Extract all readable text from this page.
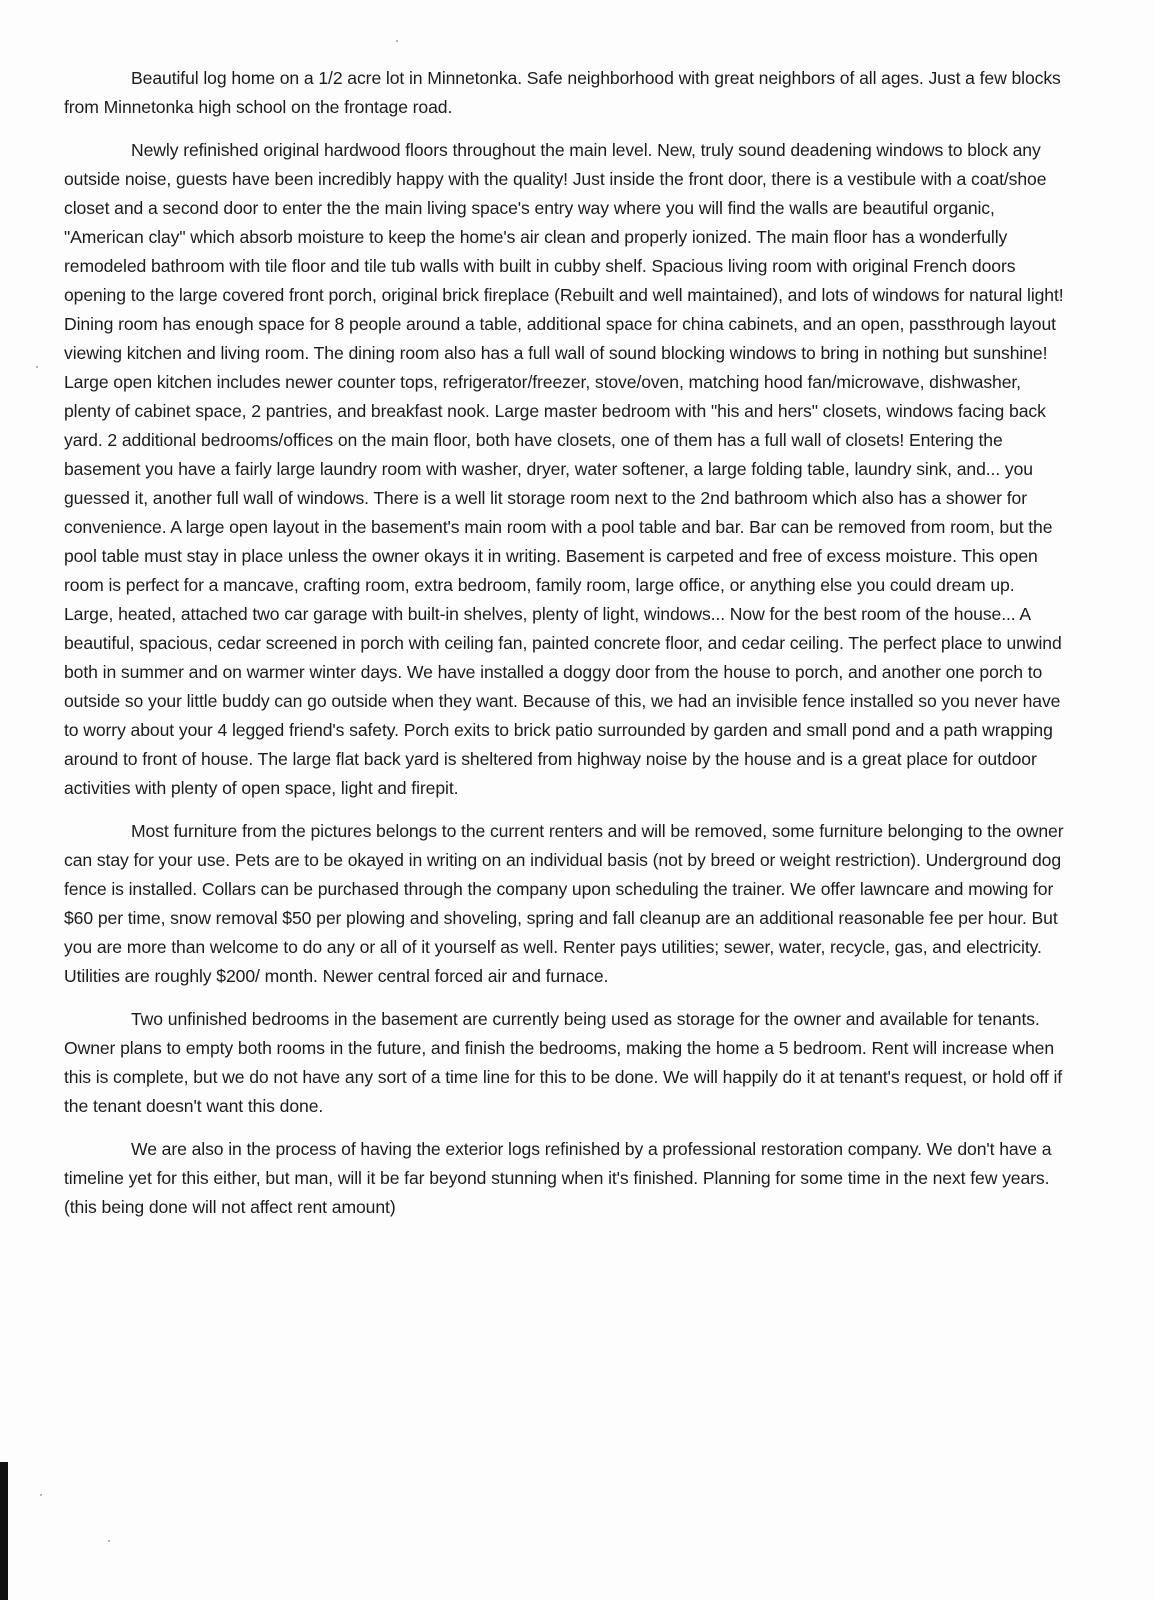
Beautiful log home on a 1/2 acre lot in Minnetonka. Safe neighborhood with great neighbors of all ages. Just a few blocks from Minnetonka high school on the frontage road.

Newly refinished original hardwood floors throughout the main level. New, truly sound deadening windows to block any outside noise, guests have been incredibly happy with the quality! Just inside the front door, there is a vestibule with a coat/shoe closet and a second door to enter the the main living space's entry way where you will find the walls are beautiful organic, "American clay" which absorb moisture to keep the home's air clean and properly ionized. The main floor has a wonderfully remodeled bathroom with tile floor and tile tub walls with built in cubby shelf. Spacious living room with original French doors opening to the large covered front porch, original brick fireplace (Rebuilt and well maintained), and lots of windows for natural light! Dining room has enough space for 8 people around a table, additional space for china cabinets, and an open, passthrough layout viewing kitchen and living room. The dining room also has a full wall of sound blocking windows to bring in nothing but sunshine! Large open kitchen includes newer counter tops, refrigerator/freezer, stove/oven, matching hood fan/microwave, dishwasher, plenty of cabinet space, 2 pantries, and breakfast nook. Large master bedroom with "his and hers" closets, windows facing back yard. 2 additional bedrooms/offices on the main floor, both have closets, one of them has a full wall of closets! Entering the basement you have a fairly large laundry room with washer, dryer, water softener, a large folding table, laundry sink, and... you guessed it, another full wall of windows. There is a well lit storage room next to the 2nd bathroom which also has a shower for convenience. A large open layout in the basement's main room with a pool table and bar. Bar can be removed from room, but the pool table must stay in place unless the owner okays it in writing. Basement is carpeted and free of excess moisture. This open room is perfect for a mancave, crafting room, extra bedroom, family room, large office, or anything else you could dream up. Large, heated, attached two car garage with built-in shelves, plenty of light, windows... Now for the best room of the house... A beautiful, spacious, cedar screened in porch with ceiling fan, painted concrete floor, and cedar ceiling. The perfect place to unwind both in summer and on warmer winter days. We have installed a doggy door from the house to porch, and another one porch to outside so your little buddy can go outside when they want. Because of this, we had an invisible fence installed so you never have to worry about your 4 legged friend's safety. Porch exits to brick patio surrounded by garden and small pond and a path wrapping around to front of house. The large flat back yard is sheltered from highway noise by the house and is a great place for outdoor activities with plenty of open space, light and firepit.

Most furniture from the pictures belongs to the current renters and will be removed, some furniture belonging to the owner can stay for your use. Pets are to be okayed in writing on an individual basis (not by breed or weight restriction). Underground dog fence is installed. Collars can be purchased through the company upon scheduling the trainer. We offer lawncare and mowing for $60 per time, snow removal $50 per plowing and shoveling, spring and fall cleanup are an additional reasonable fee per hour. But you are more than welcome to do any or all of it yourself as well. Renter pays utilities; sewer, water, recycle, gas, and electricity. Utilities are roughly $200/ month. Newer central forced air and furnace.

Two unfinished bedrooms in the basement are currently being used as storage for the owner and available for tenants. Owner plans to empty both rooms in the future, and finish the bedrooms, making the home a 5 bedroom. Rent will increase when this is complete, but we do not have any sort of a time line for this to be done. We will happily do it at tenant's request, or hold off if the tenant doesn't want this done.

We are also in the process of having the exterior logs refinished by a professional restoration company. We don't have a timeline yet for this either, but man, will it be far beyond stunning when it's finished. Planning for some time in the next few years. (this being done will not affect rent amount)
